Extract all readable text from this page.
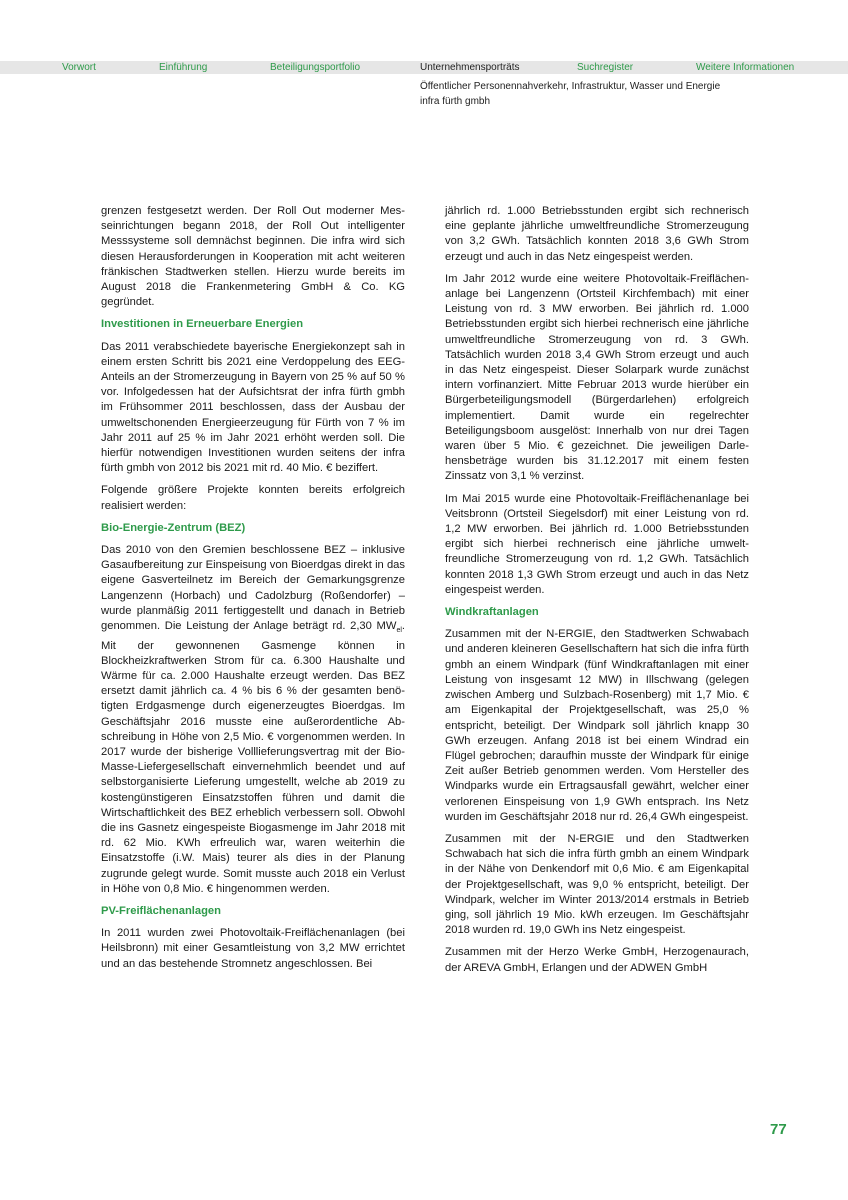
Vorwort	Einführung	Beteiligungsportfolio	Unternehmensporträts	Suchregister	Weitere Informationen
Öffentlicher Personennahverkehr, Infrastruktur, Wasser und Energie
infra fürth gmbh

grenzen festgesetzt werden. Der Roll Out moderner Messeinrichtungen begann 2018, der Roll Out intelligenter Messsysteme soll demnächst beginnen. Die infra wird sich diesen Herausforderungen in Kooperation mit acht weiteren fränkischen Stadtwerken stellen. Hierzu wurde bereits im August 2018 die Frankenmetering GmbH & Co. KG gegründet.

Investitionen in Erneuerbare Energien

Das 2011 verabschiedete bayerische Energiekonzept sah in einem ersten Schritt bis 2021 eine Verdoppelung des EEG-Anteils an der Stromerzeugung in Bayern von 25 % auf 50 % vor. Infolgedessen hat der Aufsichtsrat der infra fürth gmbh im Frühsommer 2011 beschlossen, dass der Ausbau der umweltschonenden Energieerzeugung für Fürth von 7 % im Jahr 2011 auf 25 % im Jahr 2021 erhöht werden soll. Die hierfür notwendigen Investitionen wurden seitens der infra fürth gmbh von 2012 bis 2021 mit rd. 40 Mio. € beziffert.

Folgende größere Projekte konnten bereits erfolgreich realisiert werden:

Bio-Energie-Zentrum (BEZ)

Das 2010 von den Gremien beschlossene BEZ – inklusive Gasaufbereitung zur Einspeisung von Bioerdgas direkt in das eigene Gasverteilnetz im Bereich der Gemarkungsgrenze Langenzenn (Horbach) und Cadolzburg (Roßendorfer) – wurde planmäßig 2011 fertiggestellt und danach in Betrieb genommen. Die Leistung der Anlage beträgt rd. 2,30 $MW_{el}$. Mit der gewonnenen Gasmenge können in Blockheizkraftwerken Strom für ca. 6.300 Haushalte und Wärme für ca. 2.000 Haushalte erzeugt werden. Das BEZ ersetzt damit jährlich ca. 4 % bis 6 % der gesamten benötigten Erdgasmenge durch eigenerzeugtes Bioerdgas. Im Geschäftsjahr 2016 musste eine außerordentliche Abschreibung in Höhe von 2,5 Mio. € vorgenommen werden. In 2017 wurde der bisherige Volllieferungsvertrag mit der Bio-Masse-Liefergesellschaft einvernehmlich beendet und auf selbstorganisierte Lieferung umgestellt, welche ab 2019 zu kostengünstigeren Einsatzstoffen führen und damit die Wirtschaftlichkeit des BEZ erheblich verbessern soll. Obwohl die ins Gasnetz eingespeiste Biogasmenge im Jahr 2018 mit rd. 62 Mio. KWh erfreulich war, waren weiterhin die Einsatzstoffe (i.W. Mais) teurer als dies in der Planung zugrunde gelegt wurde. Somit musste auch 2018 ein Verlust in Höhe von 0,8 Mio. € hingenommen werden.

PV-Freiflächenanlagen

In 2011 wurden zwei Photovoltaik-Freiflächenanlagen (bei Heilsbronn) mit einer Gesamtleistung von 3,2 MW errichtet und an das bestehende Stromnetz angeschlossen. Bei

jährlich rd. 1.000 Betriebsstunden ergibt sich rechnerisch eine geplante jährliche umweltfreundliche Stromerzeugung von 3,2 GWh. Tatsächlich konnten 2018 3,6 GWh Strom erzeugt und auch in das Netz eingespeist werden.

Im Jahr 2012 wurde eine weitere Photovoltaik-Freiflächenanlage bei Langenzenn (Ortsteil Kirchfembach) mit einer Leistung von rd. 3 MW erworben. Bei jährlich rd. 1.000 Betriebsstunden ergibt sich hierbei rechnerisch eine jährliche umweltfreundliche Stromerzeugung von rd. 3 GWh. Tatsächlich wurden 2018 3,4 GWh Strom erzeugt und auch in das Netz eingespeist. Dieser Solarpark wurde zunächst intern vorfinanziert. Mitte Februar 2013 wurde hierüber ein Bürgerbeteiligungsmodell (Bürgerdarlehen) erfolgreich implementiert. Damit wurde ein regelrechter Beteiligungsboom ausgelöst: Innerhalb von nur drei Tagen waren über 5 Mio. € gezeichnet. Die jeweiligen Darlehensbeträge wurden bis 31.12.2017 mit einem festen Zinssatz von 3,1 % verzinst.

Im Mai 2015 wurde eine Photovoltaik-Freiflächenanlage bei Veitsbronn (Ortsteil Siegelsdorf) mit einer Leistung von rd. 1,2 MW erworben. Bei jährlich rd. 1.000 Betriebsstunden ergibt sich hierbei rechnerisch eine jährliche umweltfreundliche Stromerzeugung von rd. 1,2 GWh. Tatsächlich konnten 2018 1,3 GWh Strom erzeugt und auch in das Netz eingespeist werden.

Windkraftanlagen

Zusammen mit der N-ERGIE, den Stadtwerken Schwabach und anderen kleineren Gesellschaftern hat sich die infra fürth gmbh an einem Windpark (fünf Windkraftanlagen mit einer Leistung von insgesamt 12 MW) in Illschwang (gelegen zwischen Amberg und Sulzbach-Rosenberg) mit 1,7 Mio. € am Eigenkapital der Projektgesellschaft, was 25,0 % entspricht, beteiligt. Der Windpark soll jährlich knapp 30 GWh erzeugen. Anfang 2018 ist bei einem Windrad ein Flügel gebrochen; daraufhin musste der Windpark für einige Zeit außer Betrieb genommen werden. Vom Hersteller des Windparks wurde ein Ertragsausfall gewährt, welcher einer verlorenen Einspeisung von 1,9 GWh entsprach. Ins Netz wurden im Geschäftsjahr 2018 nur rd. 26,4 GWh eingespeist.

Zusammen mit der N-ERGIE und den Stadtwerken Schwabach hat sich die infra fürth gmbh an einem Windpark in der Nähe von Denkendorf mit 0,6 Mio. € am Eigenkapital der Projektgesellschaft, was 9,0 % entspricht, beteiligt. Der Windpark, welcher im Winter 2013/2014 erstmals in Betrieb ging, soll jährlich 19 Mio. kWh erzeugen. Im Geschäftsjahr 2018 wurden rd. 19,0 GWh ins Netz eingespeist.

Zusammen mit der Herzo Werke GmbH, Herzogenaurach, der AREVA GmbH, Erlangen und der ADWEN GmbH

77
